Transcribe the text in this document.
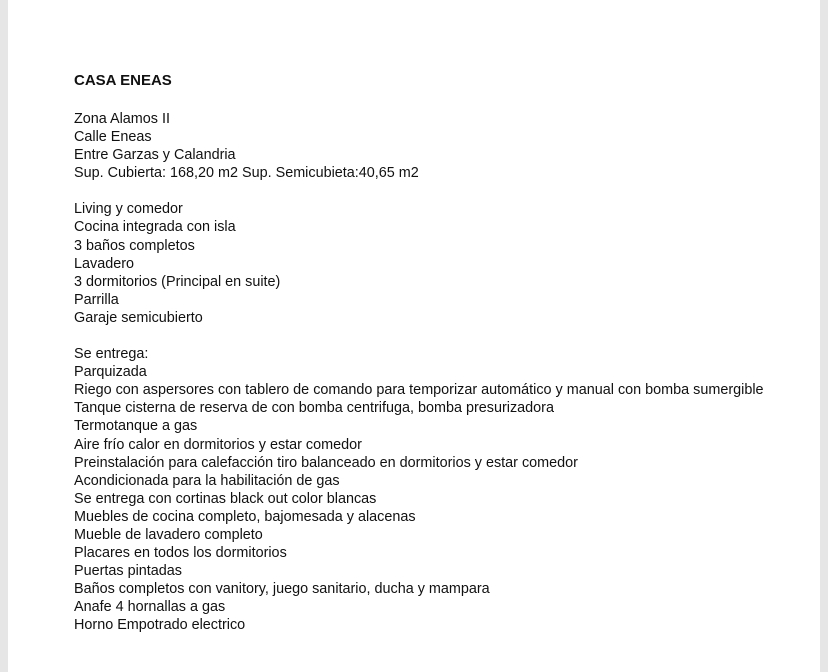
CASA ENEAS
Zona Alamos II
Calle Eneas
Entre Garzas y Calandria
Sup. Cubierta: 168,20 m2 Sup. Semicubieta:40,65 m2
Living y comedor
Cocina integrada con isla
3 baños completos
Lavadero
3 dormitorios (Principal en suite)
Parrilla
Garaje semicubierto
Se entrega:
Parquizada
Riego con aspersores con tablero de comando para temporizar automático y manual con bomba sumergible
Tanque cisterna de reserva de con bomba centrifuga, bomba presurizadora
Termotanque a gas
Aire frío calor en dormitorios y estar comedor
Preinstalación para calefacción tiro balanceado en dormitorios y estar comedor
Acondicionada para la habilitación de gas
Se entrega con cortinas black out color blancas
Muebles de cocina completo, bajomesada y alacenas
Mueble de lavadero completo
Placares en todos los dormitorios
Puertas pintadas
Baños completos con vanitory, juego sanitario, ducha y mampara
Anafe 4 hornallas a gas
Horno Empotrado electrico
